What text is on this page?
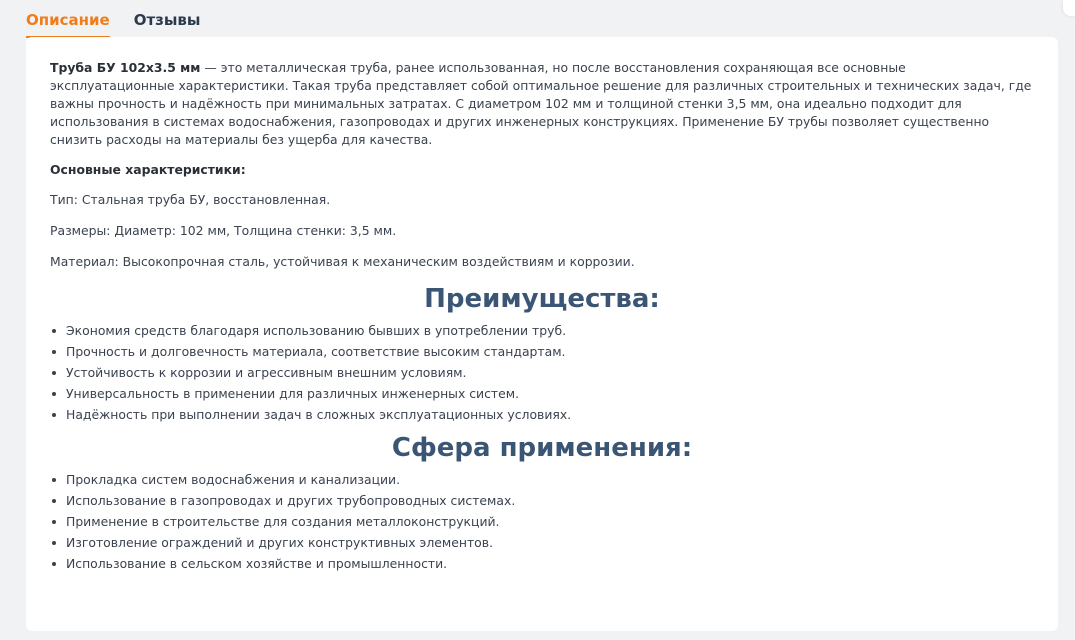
Описание Отзывы

Труба БУ 102х3.5 мм — это металлическая труба, ранее использованная, но после восстановления сохраняющая все основные эксплуатационные характеристики. Такая труба представляет собой оптимальное решение для различных строительных и технических задач, где важны прочность и надёжность при минимальных затратах. С диаметром 102 мм и толщиной стенки 3,5 мм, она идеально подходит для использования в системах водоснабжения, газопроводах и других инженерных конструкциях. Применение БУ трубы позволяет существенно снизить расходы на материалы без ущерба для качества.

Основные характеристики:

Тип: Стальная труба БУ, восстановленная.

Размеры: Диаметр: 102 мм, Толщина стенки: 3,5 мм.

Материал: Высокопрочная сталь, устойчивая к механическим воздействиям и коррозии.

Преимущества:
Экономия средств благодаря использованию бывших в употреблении труб.
Прочность и долговечность материала, соответствие высоким стандартам.
Устойчивость к коррозии и агрессивным внешним условиям.
Универсальность в применении для различных инженерных систем.
Надёжность при выполнении задач в сложных эксплуатационных условиях.
Сфера применения:
Прокладка систем водоснабжения и канализации.
Использование в газопроводах и других трубопроводных системах.
Применение в строительстве для создания металлоконструкций.
Изготовление ограждений и других конструктивных элементов.
Использование в сельском хозяйстве и промышленности.
